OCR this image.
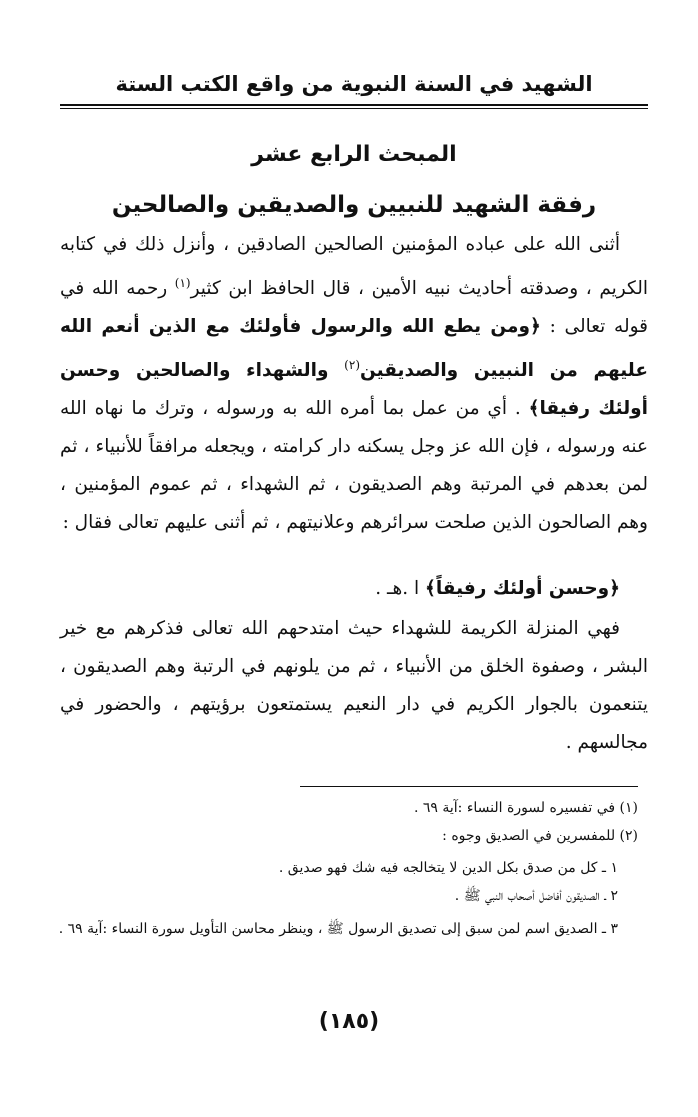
الشهيد في السنة النبوية من واقع الكتب الستة
المبحث الرابع عشر
رفقة الشهيد للنبيين والصديقين والصالحين

أثنى الله على عباده المؤمنين الصالحين الصادقين ، وأنزل ذلك في كتابه الكريم ، وصدقته أحاديث نبيه الأمين ، قال الحافظ ابن كثير$^{(١)}$ رحمه الله في قوله تعالى : ﴿ومن يطع الله والرسول فأولئك مع الذين أنعم الله عليهم من النبيين والصديقين$^{(٢)}$ والشهداء والصالحين وحسن أولئك رفيقا﴾ . أي من عمل بما أمره الله به ورسوله ، وترك ما نهاه الله عنه ورسوله ، فإن الله عز وجل يسكنه دار كرامته ، ويجعله مرافقاً للأنبياء ، ثم لمن بعدهم في المرتبة وهم الصديقون ، ثم الشهداء ، ثم عموم المؤمنين ، وهم الصالحون الذين صلحت سرائرهم وعلانيتهم ، ثم أثنى عليهم تعالى فقال :

﴿وحسن أولئك رفيقاً﴾ ا .هـ .

فهي المنزلة الكريمة للشهداء حيث امتدحهم الله تعالى فذكرهم مع خير البشر ، وصفوة الخلق من الأنبياء ، ثم من يلونهم في الرتبة وهم الصديقون ، يتنعمون بالجوار الكريم في دار النعيم يستمتعون برؤيتهم ، والحضور في مجالسهم .

(١) في تفسيره لسورة النساء :آية ٦٩ .
(٢) للمفسرين في الصديق وجوه :
١ ـ كل من صدق بكل الدين لا يتخالجه فيه شك فهو صديق .
٢ ـ الصديقون أفاضل أصحاب النبي ﷺ .
٣ ـ الصديق اسم لمن سبق إلى تصديق الرسول ﷺ ، وينظر محاسن التأويل سورة النساء :آية ٦٩ .
(١٨٥)
